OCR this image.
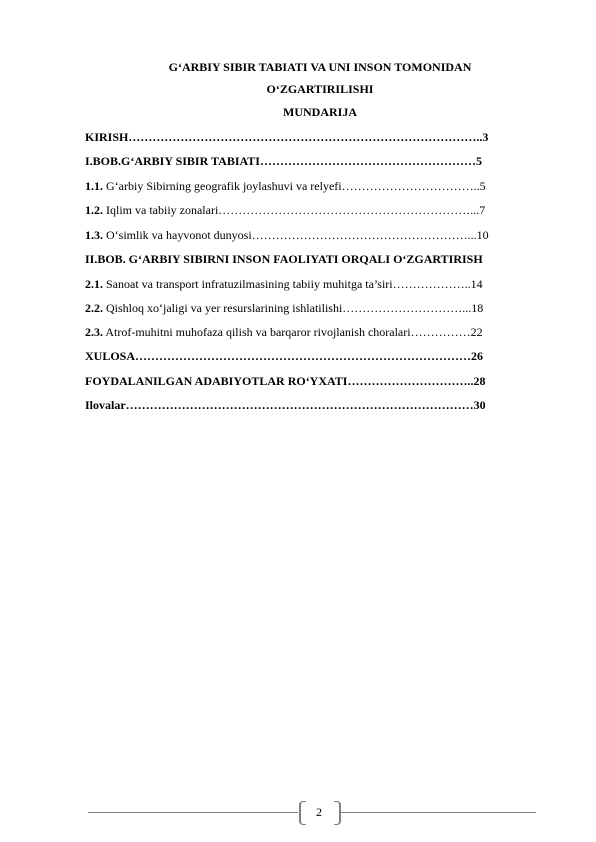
G‘ARBIY SIBIR TABIATI VA UNI INSON TOMONIDAN
O‘ZGARTIRILISHI
MUNDARIJA
KIRISH……………………………………………………………………………..3
I.BOB.G‘ARBIY SIBIR TABIATI………………………………………………5
1.1. G‘arbiy Sibirning geografik joylashuvi va relyefi……………………………..5
1.2. Iqlim va tabiiy zonalari………………………………………………………...7
1.3. O‘simlik va hayvonot dunyosi………………………………………………...10
II.BOB. G‘ARBIY SIBIRNI INSON FAOLIYATI ORQALI O‘ZGARTIRISH
2.1. Sanoat va transport infratuzilmasining tabiiy muhitga ta’siri………………..14
2.2. Qishloq xo‘jaligi va yer resurslarining ishlatilishi…………………………...18
2.3. Atrof-muhitni muhofaza qilish va barqaror rivojlanish choralari……………22
XULOSA…………………………………………………………………………26
FOYDALANILGAN ADABIYOTLAR RO‘YXATI…………………………..28
Ilovalar……………………………………………………………………………30
2
